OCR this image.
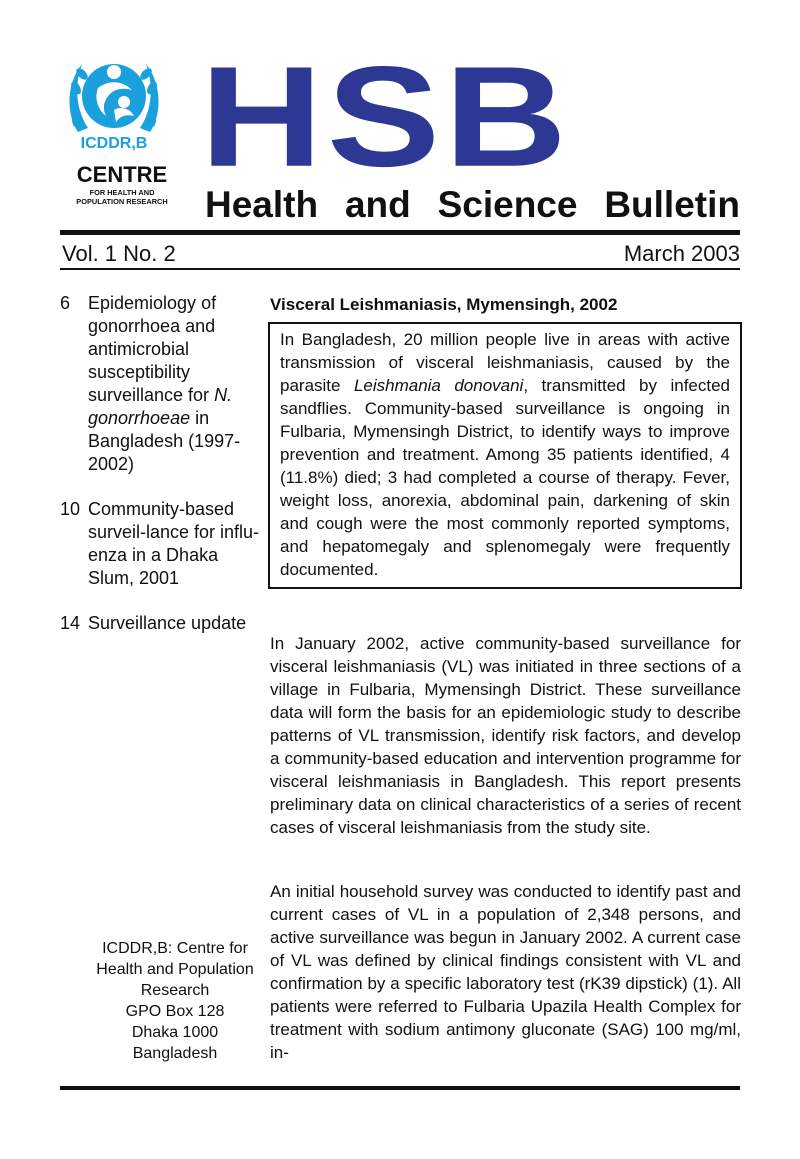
ICDDR,B
CENTRE
FOR HEALTH AND
POPULATION RESEARCH
HSB
Health and Science Bulletin
Vol. 1 No. 2	March 2003
6 Epidemiology of gonorrhoea and antimicrobial susceptibility surveillance for N. gonorrhoeae in Bangladesh (1997-2002)
10 Community-based surveil-lance for influ-enza in a Dhaka Slum, 2001
14 Surveillance update
ICDDR,B: Centre for
Health and Population
Research
GPO Box 128
Dhaka 1000
Bangladesh
Visceral Leishmaniasis, Mymensingh, 2002
In Bangladesh, 20 million people live in areas with active transmission of visceral leishmaniasis, caused by the parasite Leishmania donovani, transmitted by infected sandflies. Community-based surveillance is ongoing in Fulbaria, Mymensingh District, to identify ways to improve prevention and treatment. Among 35 patients identified, 4 (11.8%) died; 3 had completed a course of therapy. Fever, weight loss, anorexia, abdominal pain, darkening of skin and cough were the most commonly reported symptoms, and hepatomegaly and splenomegaly were frequently documented.
In January 2002, active community-based surveillance for visceral leishmaniasis (VL) was initiated in three sections of a village in Fulbaria, Mymensingh District. These surveillance data will form the basis for an epidemiologic study to describe patterns of VL transmission, identify risk factors, and develop a community-based education and intervention programme for visceral leishmaniasis in Bangladesh. This report presents preliminary data on clinical characteristics of a series of recent cases of visceral leishmaniasis from the study site.
An initial household survey was conducted to identify past and current cases of VL in a population of 2,348 persons, and active surveillance was begun in January 2002. A current case of VL was defined by clinical findings consistent with VL and confirmation by a specific laboratory test (rK39 dipstick) (1). All patients were referred to Fulbaria Upazila Health Complex for treatment with sodium antimony gluconate (SAG) 100 mg/ml, in-
